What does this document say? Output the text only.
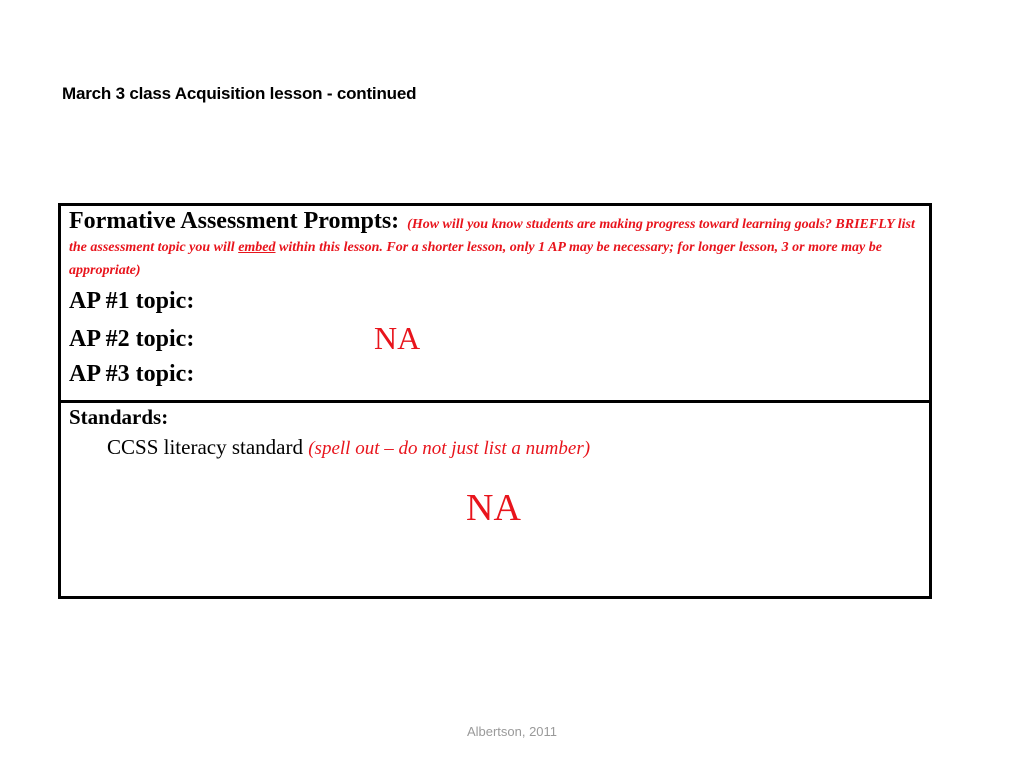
March 3 class Acquisition lesson - continued
Formative Assessment Prompts: (How will you know students are making progress toward learning goals? BRIEFLY list the assessment topic you will embed within this lesson. For a shorter lesson, only 1 AP may be necessary; for longer lesson, 3 or more may be appropriate)
AP #1 topic:
AP #2 topic:
AP #3 topic:
NA
Standards:
CCSS literacy standard (spell out – do not just list a number)
NA
Albertson, 2011
